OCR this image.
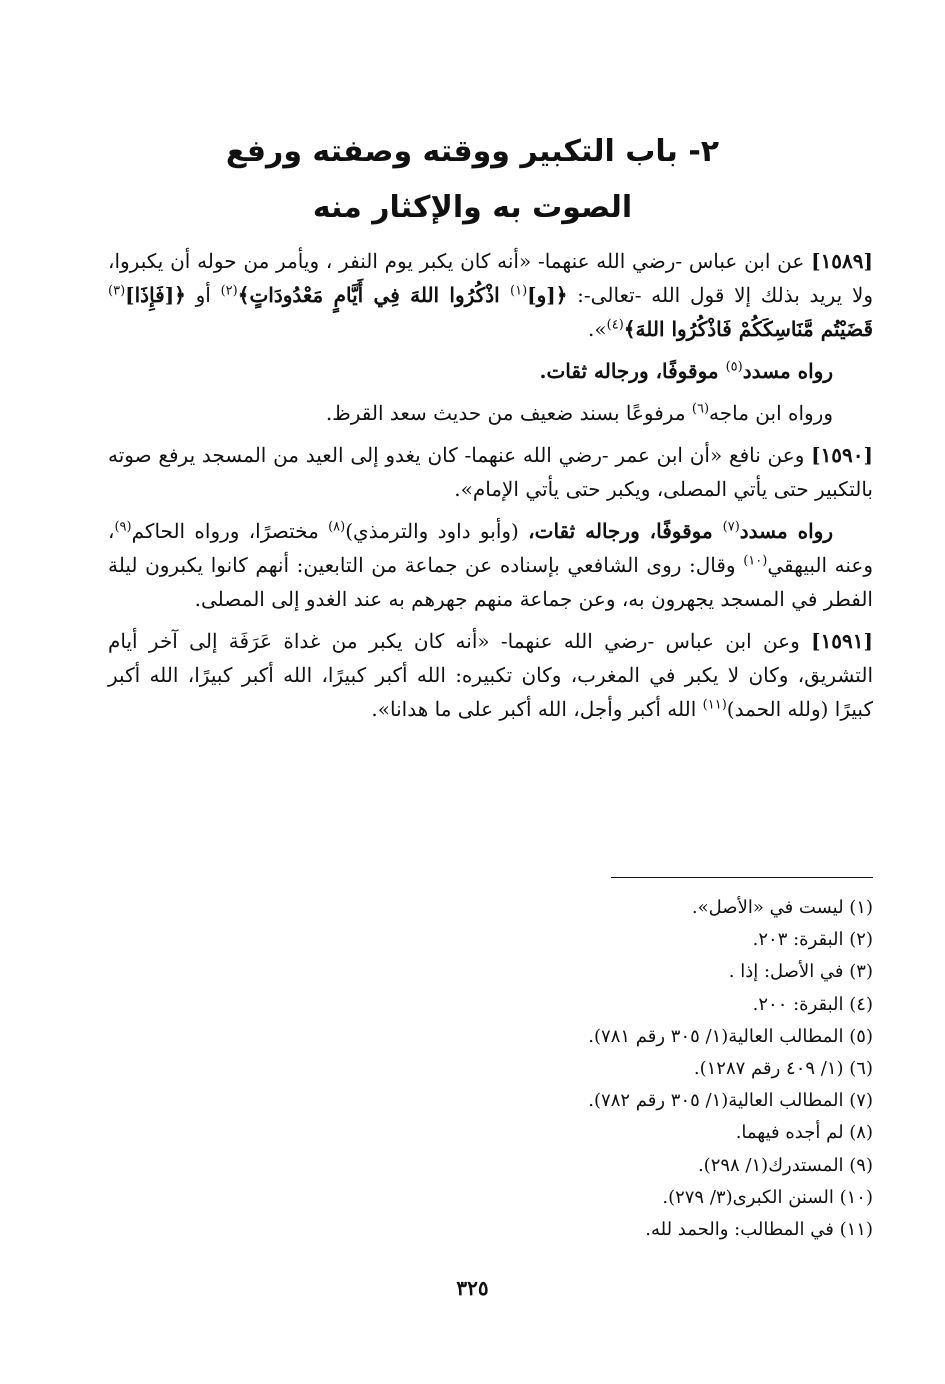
٢- باب التكبير ووقته وصفته ورفع
الصوت به والإكثار منه

[١٥٨٩] عن ابن عباس -رضي الله عنهما- «أنه كان يكبر يوم النفر ، ويأمر من حوله أن يكبروا، ولا يريد بذلك إلا قول الله -تعالى-: ﴿[و]$^{(١)}$ اذْكُرُوا اللهَ فِي أَيَّامٍ مَعْدُودَاتٍ﴾$^{(٢)}$ أو ﴿[فَإِذَا]$^{(٣)}$ قَضَيْتُم مَّنَاسِكَكُمْ فَاذْكُرُوا اللهَ﴾$^{(٤)}$».

رواه مسدد$^{(٥)}$ موقوفًا، ورجاله ثقات.

ورواه ابن ماجه$^{(٦)}$ مرفوعًا بسند ضعيف من حديث سعد القرظ.

[١٥٩٠] وعن نافع «أن ابن عمر -رضي الله عنهما- كان يغدو إلى العيد من المسجد يرفع صوته بالتكبير حتى يأتي المصلى، ويكبر حتى يأتي الإمام».

رواه مسدد$^{(٧)}$ موقوفًا، ورجاله ثقات، (وأبو داود والترمذي)$^{(٨)}$ مختصرًا، ورواه الحاكم$^{(٩)}$، وعنه البيهقي$^{(١٠)}$ وقال: روى الشافعي بإسناده عن جماعة من التابعين: أنهم كانوا يكبرون ليلة الفطر في المسجد يجهرون به، وعن جماعة منهم جهرهم به عند الغدو إلى المصلى.

[١٥٩١] وعن ابن عباس -رضي الله عنهما- «أنه كان يكبر من غداة عَرَفَة إلى آخر أيام التشريق، وكان لا يكبر في المغرب، وكان تكبيره: الله أكبر كبيرًا، الله أكبر كبيرًا، الله أكبر كبيرًا (ولله الحمد)$^{(١١)}$ الله أكبر وأجل، الله أكبر على ما هدانا».

(١) ليست في «الأصل».

(٢) البقرة: ٢٠٣.

(٣) في الأصل: إذا .

(٤) البقرة: ٢٠٠.

(٥) المطالب العالية(١/ ٣٠٥ رقم ٧٨١).

(٦) (١/ ٤٠٩ رقم ١٢٨٧).

(٧) المطالب العالية(١/ ٣٠٥ رقم ٧٨٢).

(٨) لم أجده فيهما.

(٩) المستدرك(١/ ٢٩٨).

(١٠) السنن الكبرى(٣/ ٢٧٩).

(١١) في المطالب: والحمد لله.

٣٢٥
